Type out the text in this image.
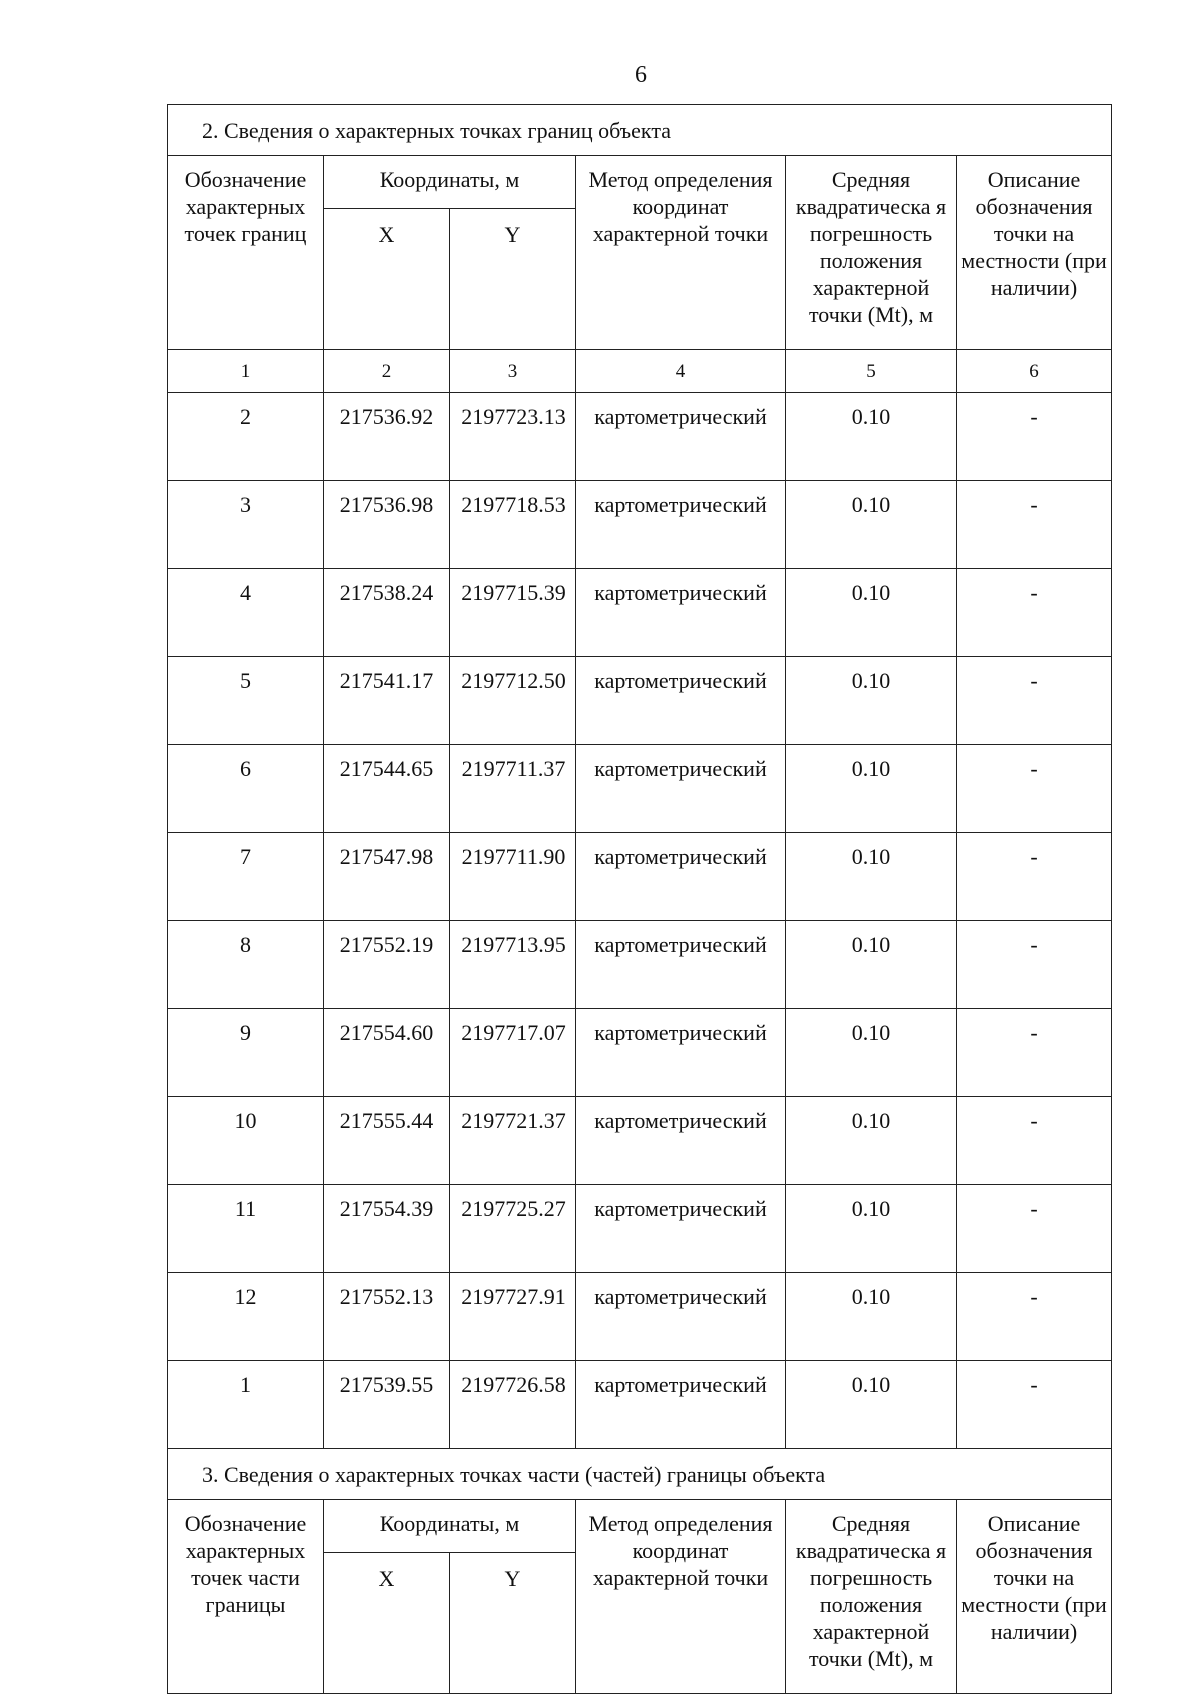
6
2. Сведения о характерных точках границ объекта					
Обозначение характерных точек границ	Координаты, м		Метод определения координат характерной точки	Средняя квадратическа я погрешность положения характерной точки (Mt), м	Описание обозначения точки на местности (при наличии)
	X	Y			
1	2	3	4	5	6
2	217536.92	2197723.13	картометрический	0.10	-
3	217536.98	2197718.53	картометрический	0.10	-
4	217538.24	2197715.39	картометрический	0.10	-
5	217541.17	2197712.50	картометрический	0.10	-
6	217544.65	2197711.37	картометрический	0.10	-
7	217547.98	2197711.90	картометрический	0.10	-
8	217552.19	2197713.95	картометрический	0.10	-
9	217554.60	2197717.07	картометрический	0.10	-
10	217555.44	2197721.37	картометрический	0.10	-
11	217554.39	2197725.27	картометрический	0.10	-
12	217552.13	2197727.91	картометрический	0.10	-
1	217539.55	2197726.58	картометрический	0.10	-
3. Сведения о характерных точках части (частей) границы объекта					
Обозначение характерных точек части границы	Координаты, м		Метод определения координат характерной точки	Средняя квадратическа я погрешность положения характерной точки (Mt), м	Описание обозначения точки на местности (при наличии)
	X	Y			
